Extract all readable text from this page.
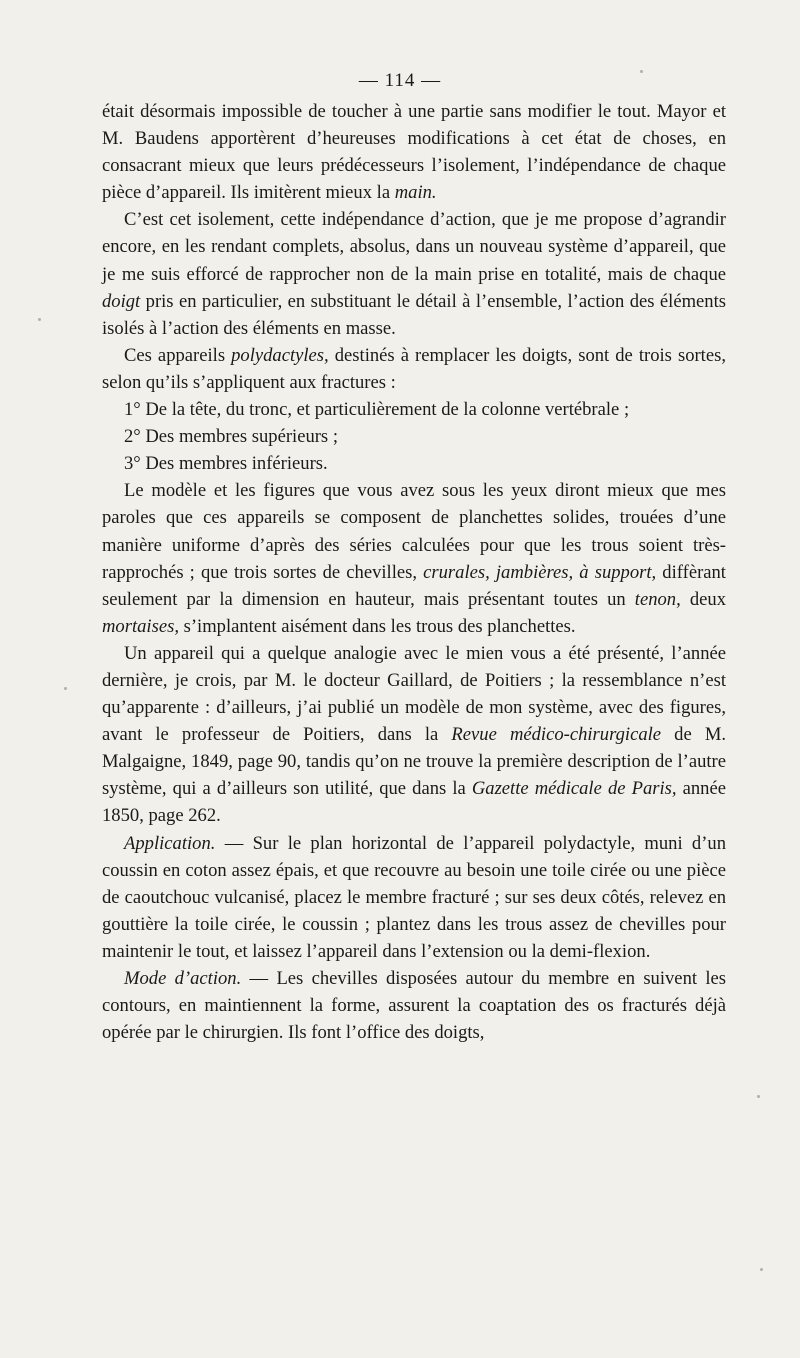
— 114 —

était désormais impossible de toucher à une partie sans modifier le tout. Mayor et M. Baudens apportèrent d’heureuses modifications à cet état de choses, en consacrant mieux que leurs prédécesseurs l’isolement, l’indépendance de chaque pièce d’appareil. Ils imitèrent mieux la main.

C’est cet isolement, cette indépendance d’action, que je me propose d’agrandir encore, en les rendant complets, absolus, dans un nouveau système d’appareil, que je me suis efforcé de rapprocher non de la main prise en totalité, mais de chaque doigt pris en particulier, en substituant le détail à l’ensemble, l’action des éléments isolés à l’action des éléments en masse.

Ces appareils polydactyles, destinés à remplacer les doigts, sont de trois sortes, selon qu’ils s’appliquent aux fractures :

1° De la tête, du tronc, et particulièrement de la colonne vertébrale ;

2° Des membres supérieurs ;

3° Des membres inférieurs.

Le modèle et les figures que vous avez sous les yeux diront mieux que mes paroles que ces appareils se composent de planchettes solides, trouées d’une manière uniforme d’après des séries calculées pour que les trous soient très-rapprochés ; que trois sortes de chevilles, crurales, jambières, à support, diffèrant seulement par la dimension en hauteur, mais présentant toutes un tenon, deux mortaises, s’implantent aisément dans les trous des planchettes.

Un appareil qui a quelque analogie avec le mien vous a été présenté, l’année dernière, je crois, par M. le docteur Gaillard, de Poitiers ; la ressemblance n’est qu’apparente : d’ailleurs, j’ai publié un modèle de mon système, avec des figures, avant le professeur de Poitiers, dans la Revue médico-chirurgicale de M. Malgaigne, 1849, page 90, tandis qu’on ne trouve la première description de l’autre système, qui a d’ailleurs son utilité, que dans la Gazette médicale de Paris, année 1850, page 262.

Application. — Sur le plan horizontal de l’appareil polydactyle, muni d’un coussin en coton assez épais, et que recouvre au besoin une toile cirée ou une pièce de caoutchouc vulcanisé, placez le membre fracturé ; sur ses deux côtés, relevez en gouttière la toile cirée, le coussin ; plantez dans les trous assez de chevilles pour maintenir le tout, et laissez l’appareil dans l’extension ou la demi-flexion.

Mode d’action. — Les chevilles disposées autour du membre en suivent les contours, en maintiennent la forme, assurent la coaptation des os fracturés déjà opérée par le chirurgien. Ils font l’office des doigts,
